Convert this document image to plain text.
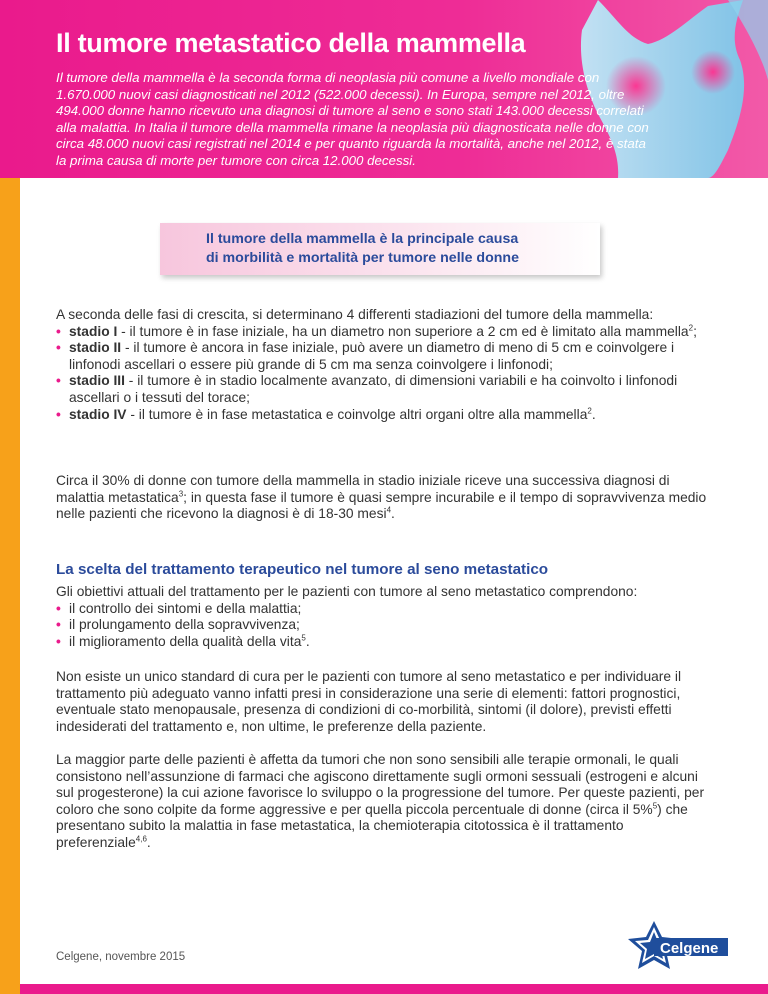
Il tumore metastatico della mammella

Il tumore della mammella è la seconda forma di neoplasia più comune a livello mondiale con 1.670.000 nuovi casi diagnosticati nel 2012 (522.000 decessi). In Europa, sempre nel 2012, oltre 494.000 donne hanno ricevuto una diagnosi di tumore al seno e sono stati 143.000 decessi correlati alla malattia. In Italia il tumore della mammella rimane la neoplasia più diagnosticata nelle donne con circa 48.000 nuovi casi registrati nel 2014 e per quanto riguarda la mortalità, anche nel 2012, è stata la prima causa di morte per tumore con circa 12.000 decessi.

Il tumore della mammella è la principale causa
di morbilità e mortalità per tumore nelle donne

A seconda delle fasi di crescita, si determinano 4 differenti stadiazioni del tumore della mammella:

• stadio I - il tumore è in fase iniziale, ha un diametro non superiore a 2 cm ed è limitato alla mammella$^2$;
• stadio II - il tumore è ancora in fase iniziale, può avere un diametro di meno di 5 cm e coinvolgere i linfonodi ascellari o essere più grande di 5 cm ma senza coinvolgere i linfonodi;
• stadio III - il tumore è in stadio localmente avanzato, di dimensioni variabili e ha coinvolto i linfonodi ascellari o i tessuti del torace;
• stadio IV - il tumore è in fase metastatica e coinvolge altri organi oltre alla mammella$^2$.

Circa il 30% di donne con tumore della mammella in stadio iniziale riceve una successiva diagnosi di malattia metastatica$^3$; in questa fase il tumore è quasi sempre incurabile e il tempo di sopravvivenza medio nelle pazienti che ricevono la diagnosi è di 18-30 mesi$^4$.

La scelta del trattamento terapeutico nel tumore al seno metastatico

Gli obiettivi attuali del trattamento per le pazienti con tumore al seno metastatico comprendono:

• il controllo dei sintomi e della malattia;
• il prolungamento della sopravvivenza;
• il miglioramento della qualità della vita$^5$.

Non esiste un unico standard di cura per le pazienti con tumore al seno metastatico e per individuare il trattamento più adeguato vanno infatti presi in considerazione una serie di elementi: fattori prognostici, eventuale stato menopausale, presenza di condizioni di co-morbilità, sintomi (il dolore), previsti effetti indesiderati del trattamento e, non ultime, le preferenze della paziente.

La maggior parte delle pazienti è affetta da tumori che non sono sensibili alle terapie ormonali, le quali consistono nell’assunzione di farmaci che agiscono direttamente sugli ormoni sessuali (estrogeni e alcuni sul progesterone) la cui azione favorisce lo sviluppo o la progressione del tumore. Per queste pazienti, per coloro che sono colpite da forme aggressive e per quella piccola percentuale di donne (circa il 5%$^5$) che presentano subito la malattia in fase metastatica, la chemioterapia citotossica è il trattamento preferenziale$^{4,6}$.

Celgene, novembre 2015	Celgene
